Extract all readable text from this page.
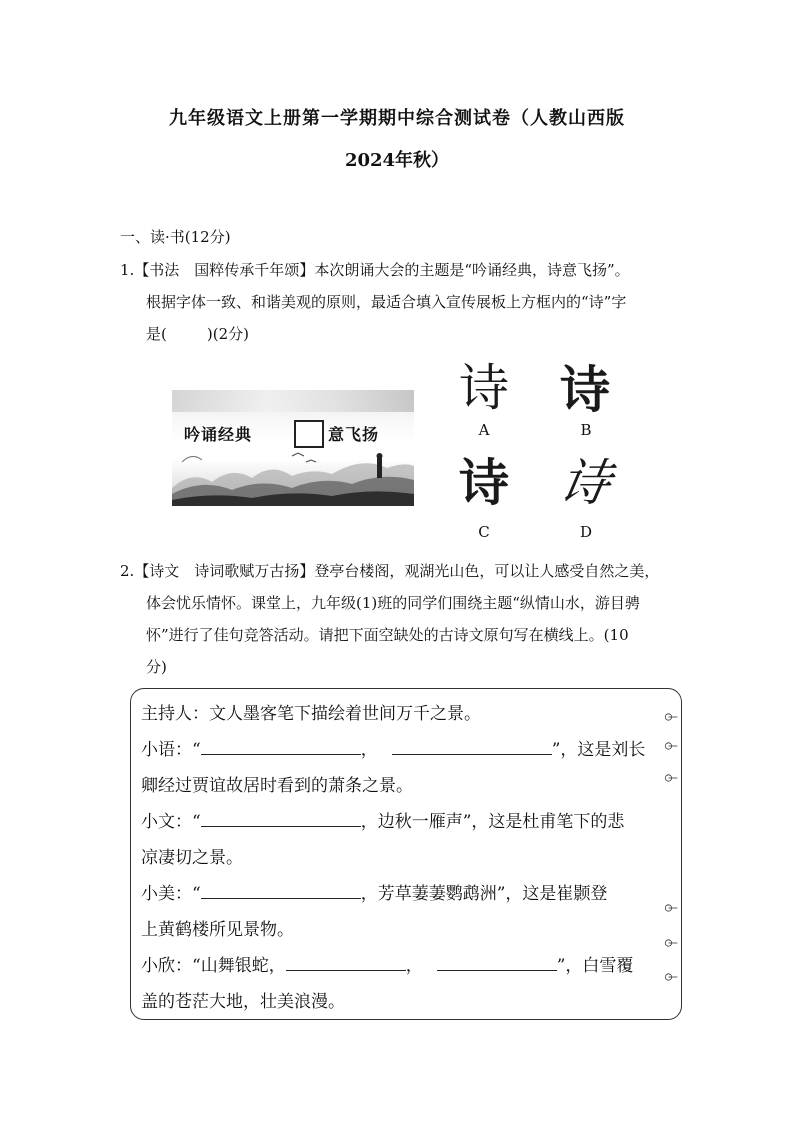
九年级语文上册第一学期期中综合测试卷（人教山西版
2024年秋）
一、读·书(12分)
1.【书法　国粹传承千年颂】本次朗诵大会的主题是“吟诵经典，诗意飞扬”。
根据字体一致、和谐美观的原则，最适合填入宣传展板上方框内的“诗”字
是(	)(2分)
吟诵经典	意飞扬
诗 诗
诗 诗
A	B
C	D
2.【诗文　诗词歌赋万古扬】登亭台楼阁，观湖光山色，可以让人感受自然之美，
体会忧乐情怀。课堂上，九年级(1)班的同学们围绕主题“纵情山水，游目骋
怀”进行了佳句竞答活动。请把下面空缺处的古诗文原句写在横线上。(10
分)
主持人：文人墨客笔下描绘着世间万千之景。
小语：“	，	”，这是刘长
卿经过贾谊故居时看到的萧条之景。
小文：“	，边秋一雁声”，这是杜甫笔下的悲
凉凄切之景。
小美：“	，芳草萋萋鹦鹉洲”，这是崔颢登
上黄鹤楼所见景物。
小欣：“山舞银蛇，	，	”，白雪覆
盖的苍茫大地，壮美浪漫。
